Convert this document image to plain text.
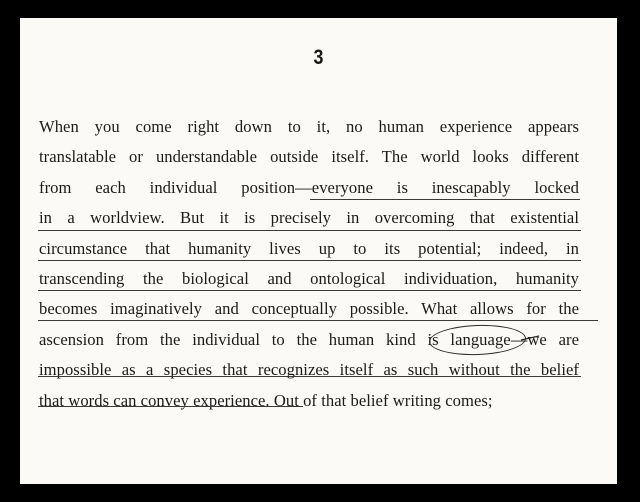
3
When you come right down to it, no human experience appears
translatable or understandable outside itself. The world looks different
from each individual position—everyone is inescapably locked
in a worldview. But it is precisely in overcoming that existential
circumstance that humanity lives up to its potential; indeed, in
transcending the biological and ontological individuation, humanity
becomes imaginatively and conceptually possible. What allows for the
ascension from the individual to the human kind is language—we are
impossible as a species that recognizes itself as such without the belief
that words can convey experience. Out of that belief writing comes;
